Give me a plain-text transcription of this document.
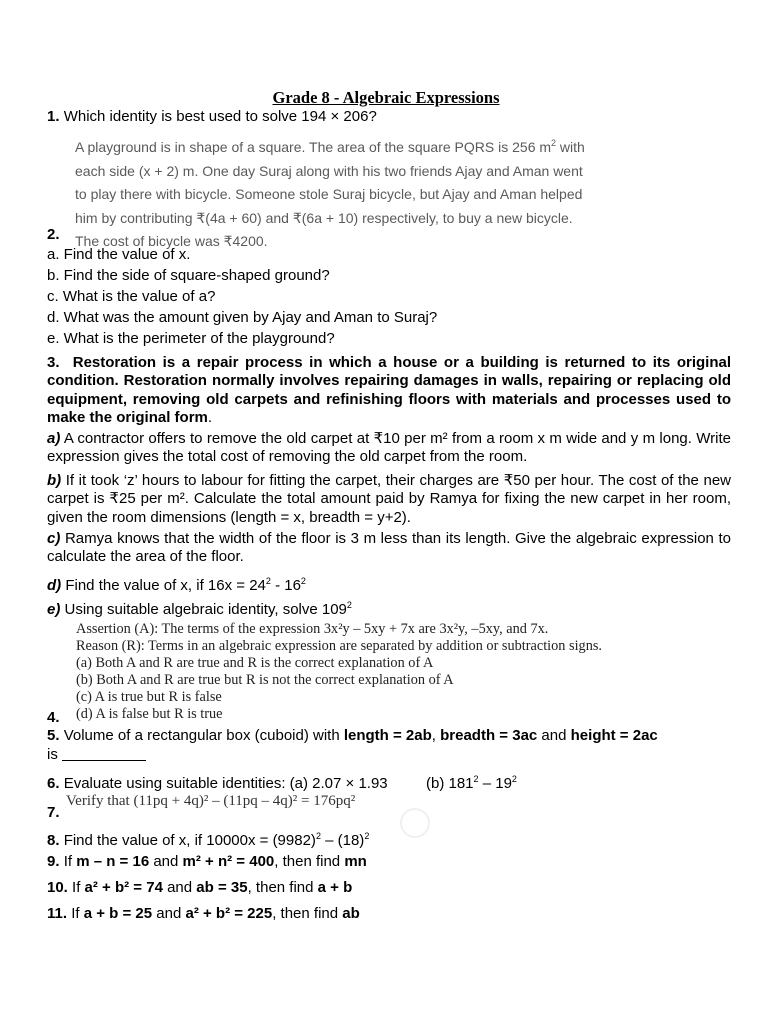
Grade 8 - Algebraic Expressions
1. Which identity is best used to solve 194 × 206?
A playground is in shape of a square. The area of the square PQRS is 256 $m^2$ with
each side (x + 2) m. One day Suraj along with his two friends Ajay and Aman went
to play there with bicycle. Someone stole Suraj bicycle, but Ajay and Aman helped
him by contributing ₹(4a + 60) and ₹(6a + 10) respectively, to buy a new bicycle.
The cost of bicycle was ₹4200.
2.
a. Find the value of x.
b. Find the side of square-shaped ground?
c. What is the value of a?
d. What was the amount given by Ajay and Aman to Suraj?
e. What is the perimeter of the playground?
3. Restoration is a repair process in which a house or a building is returned to its original condition. Restoration normally involves repairing damages in walls, repairing or replacing old equipment, removing old carpets and refinishing floors with materials and processes used to make the original form.
a) A contractor offers to remove the old carpet at ₹10 per m² from a room x m wide and y m long. Write expression gives the total cost of removing the old carpet from the room.
b) If it took ‘z’ hours to labour for fitting the carpet, their charges are ₹50 per hour. The cost of the new carpet is ₹25 per m². Calculate the total amount paid by Ramya for fixing the new carpet in her room, given the room dimensions (length = x, breadth = y+2).
c) Ramya knows that the width of the floor is 3 m less than its length. Give the algebraic expression to calculate the area of the floor.
d) Find the value of x, if $16x = 24^2 - 16^2$
e) Using suitable algebraic identity, solve $109^2$
Assertion (A): The terms of the expression 3x²y – 5xy + 7x are 3x²y, –5xy, and 7x.
Reason (R): Terms in an algebraic expression are separated by addition or subtraction signs.
(a) Both A and R are true and R is the correct explanation of A
(b) Both A and R are true but R is not the correct explanation of A
(c) A is true but R is false
(d) A is false but R is true
4.
5. Volume of a rectangular box (cuboid) with length = 2ab, breadth = 3ac and height = 2ac
is
6. Evaluate using suitable identities: (a) 2.07 × 1.93	(b) $181^2 - 19^2$
Verify that (11pq + 4q)² – (11pq – 4q)² = 176pq²
7.
8. Find the value of x, if $10000x = (9982)^2 - (18)^2$
9. If m – n = 16 and m² + n² = 400, then find mn
10. If a² + b² = 74 and ab = 35, then find a + b
11. If a + b = 25 and a² + b² = 225, then find ab
